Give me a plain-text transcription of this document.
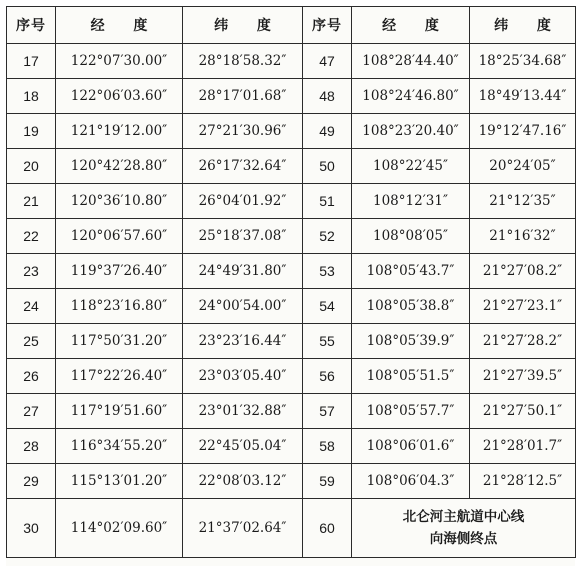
序号	经 度	纬 度	序号	经 度	纬 度
17	122°07′30.00″	28°18′58.32″	47	108°28′44.40″	18°25′34.68″
18	122°06′03.60″	28°17′01.68″	48	108°24′46.80″	18°49′13.44″
19	121°19′12.00″	27°21′30.96″	49	108°23′20.40″	19°12′47.16″
20	120°42′28.80″	26°17′32.64″	50	108°22′45″	20°24′05″
21	120°36′10.80″	26°04′01.92″	51	108°12′31″	21°12′35″
22	120°06′57.60″	25°18′37.08″	52	108°08′05″	21°16′32″
23	119°37′26.40″	24°49′31.80″	53	108°05′43.7″	21°27′08.2″
24	118°23′16.80″	24°00′54.00″	54	108°05′38.8″	21°27′23.1″
25	117°50′31.20″	23°23′16.44″	55	108°05′39.9″	21°27′28.2″
26	117°22′26.40″	23°03′05.40″	56	108°05′51.5″	21°27′39.5″
27	117°19′51.60″	23°01′32.88″	57	108°05′57.7″	21°27′50.1″
28	116°34′55.20″	22°45′05.04″	58	108°06′01.6″	21°28′01.7″
29	115°13′01.20″	22°08′03.12″	59	108°06′04.3″	21°28′12.5″
30	114°02′09.60″	21°37′02.64″	60	北仑河主航道中心线
向海侧终点	
